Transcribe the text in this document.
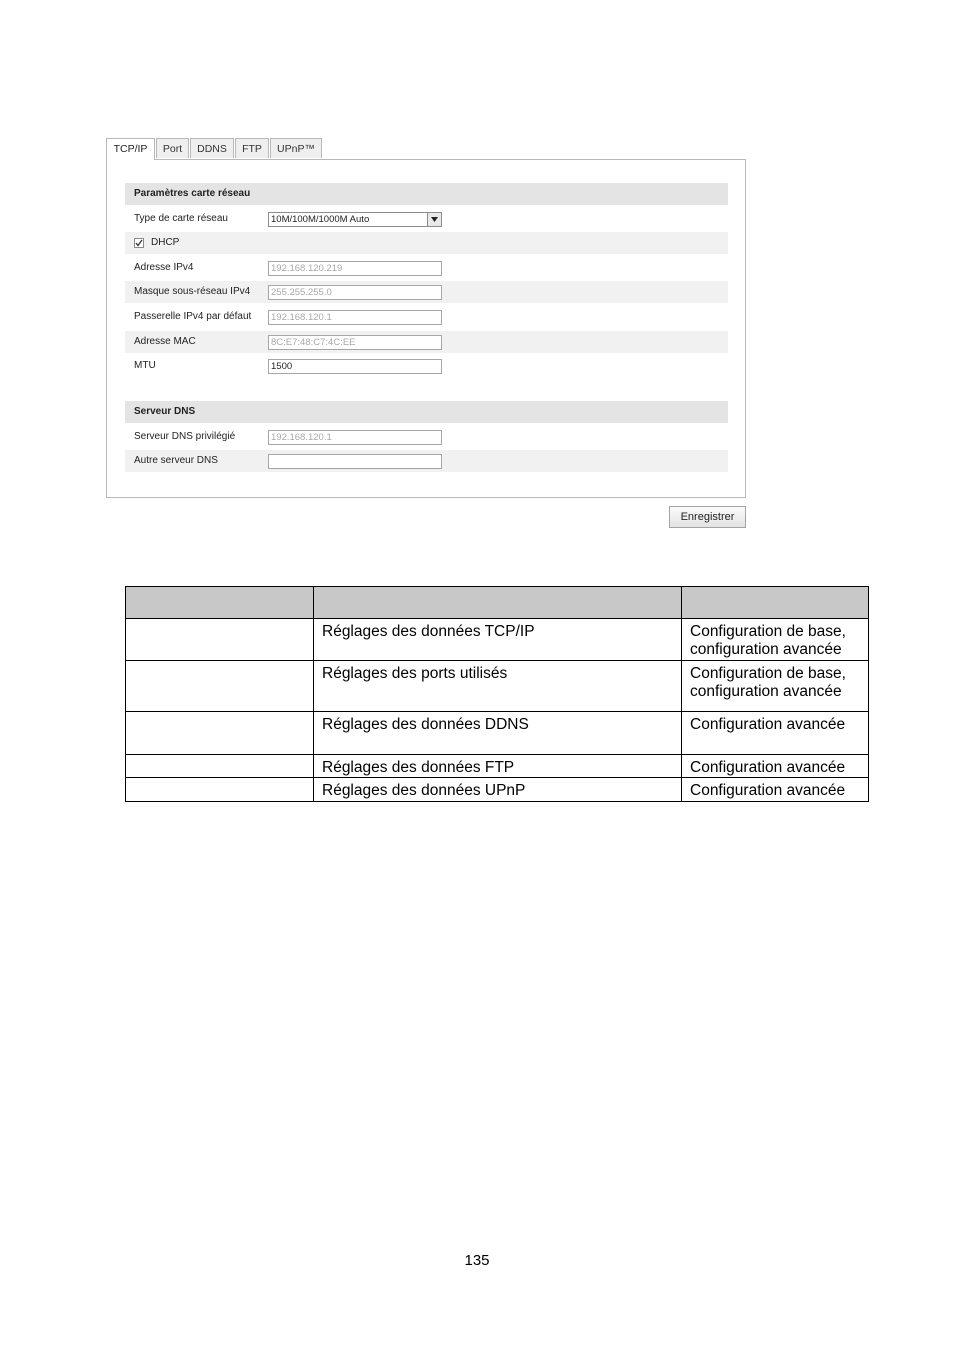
TCP/IP	Port	DDNS	FTP	UPnP™
Paramètres carte réseau
Type de carte réseau	10M/100M/1000M Auto
DHCP
Adresse IPv4	192.168.120.219
Masque sous-réseau IPv4	255.255.255.0
Passerelle IPv4 par défaut	192.168.120.1
Adresse MAC	8C:E7:48:C7:4C:EE
MTU	1500
Serveur DNS
Serveur DNS privilégié	192.168.120.1
Autre serveur DNS
Enregistrer

	Réglages des données TCP/IP	Configuration de base, configuration avancée
	Réglages des ports utilisés	Configuration de base, configuration avancée
	Réglages des données DDNS	Configuration avancée
	Réglages des données FTP	Configuration avancée
	Réglages des données UPnP	Configuration avancée
135
